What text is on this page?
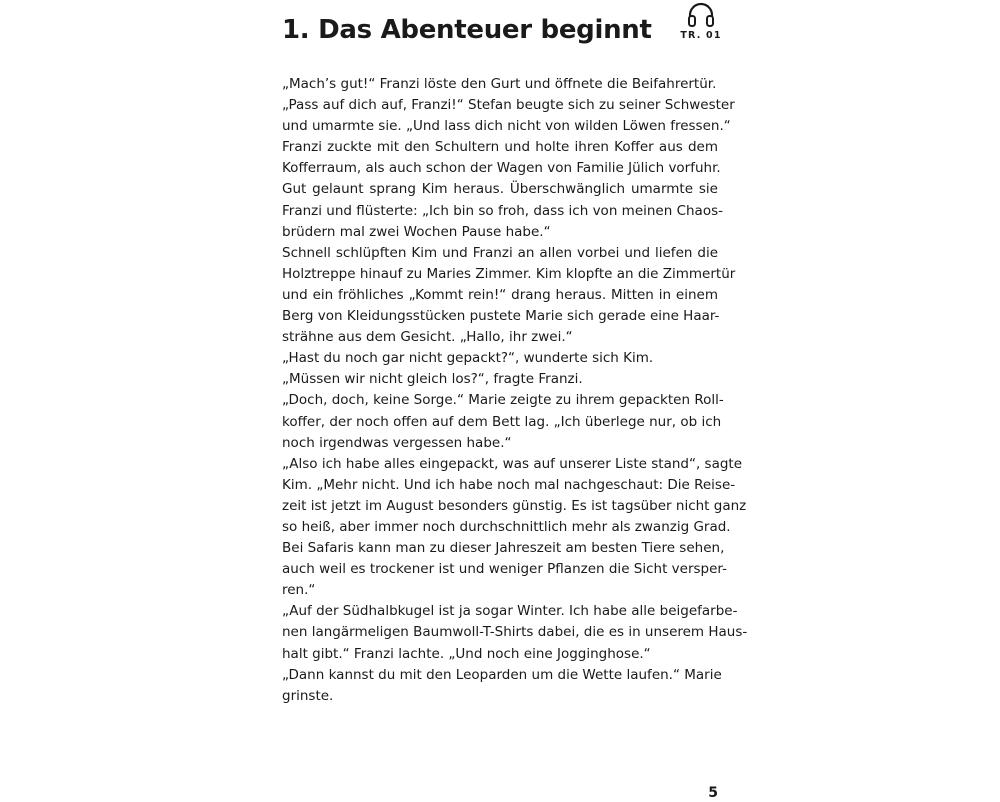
1. Das Abenteuer beginnt	TR. 01
„Mach’s gut!“ Franzi löste den Gurt und öffnete die Beifahrertür.
„Pass auf dich auf, Franzi!“ Stefan beugte sich zu seiner Schwester
und umarmte sie. „Und lass dich nicht von wilden Löwen fressen.“
Franzi zuckte mit den Schultern und holte ihren Koffer aus dem
Kofferraum, als auch schon der Wagen von Familie Jülich vorfuhr.
Gut gelaunt sprang Kim heraus. Überschwänglich umarmte sie
Franzi und flüsterte: „Ich bin so froh, dass ich von meinen Chaos-
brüdern mal zwei Wochen Pause habe.“
Schnell schlüpften Kim und Franzi an allen vorbei und liefen die
Holztreppe hinauf zu Maries Zimmer. Kim klopfte an die Zimmertür
und ein fröhliches „Kommt rein!“ drang heraus. Mitten in einem
Berg von Kleidungsstücken pustete Marie sich gerade eine Haar-
strähne aus dem Gesicht. „Hallo, ihr zwei.“
„Hast du noch gar nicht gepackt?“, wunderte sich Kim.
„Müssen wir nicht gleich los?“, fragte Franzi.
„Doch, doch, keine Sorge.“ Marie zeigte zu ihrem gepackten Roll-
koffer, der noch offen auf dem Bett lag. „Ich überlege nur, ob ich
noch irgendwas vergessen habe.“
„Also ich habe alles eingepackt, was auf unserer Liste stand“, sagte
Kim. „Mehr nicht. Und ich habe noch mal nachgeschaut: Die Reise-
zeit ist jetzt im August besonders günstig. Es ist tagsüber nicht ganz
so heiß, aber immer noch durchschnittlich mehr als zwanzig Grad.
Bei Safaris kann man zu dieser Jahreszeit am besten Tiere sehen,
auch weil es trockener ist und weniger Pflanzen die Sicht versper-
ren.“
„Auf der Südhalbkugel ist ja sogar Winter. Ich habe alle beigefarbe-
nen langärmeligen Baumwoll-T-Shirts dabei, die es in unserem Haus-
halt gibt.“ Franzi lachte. „Und noch eine Jogginghose.“
„Dann kannst du mit den Leoparden um die Wette laufen.“ Marie
grinste.
5
